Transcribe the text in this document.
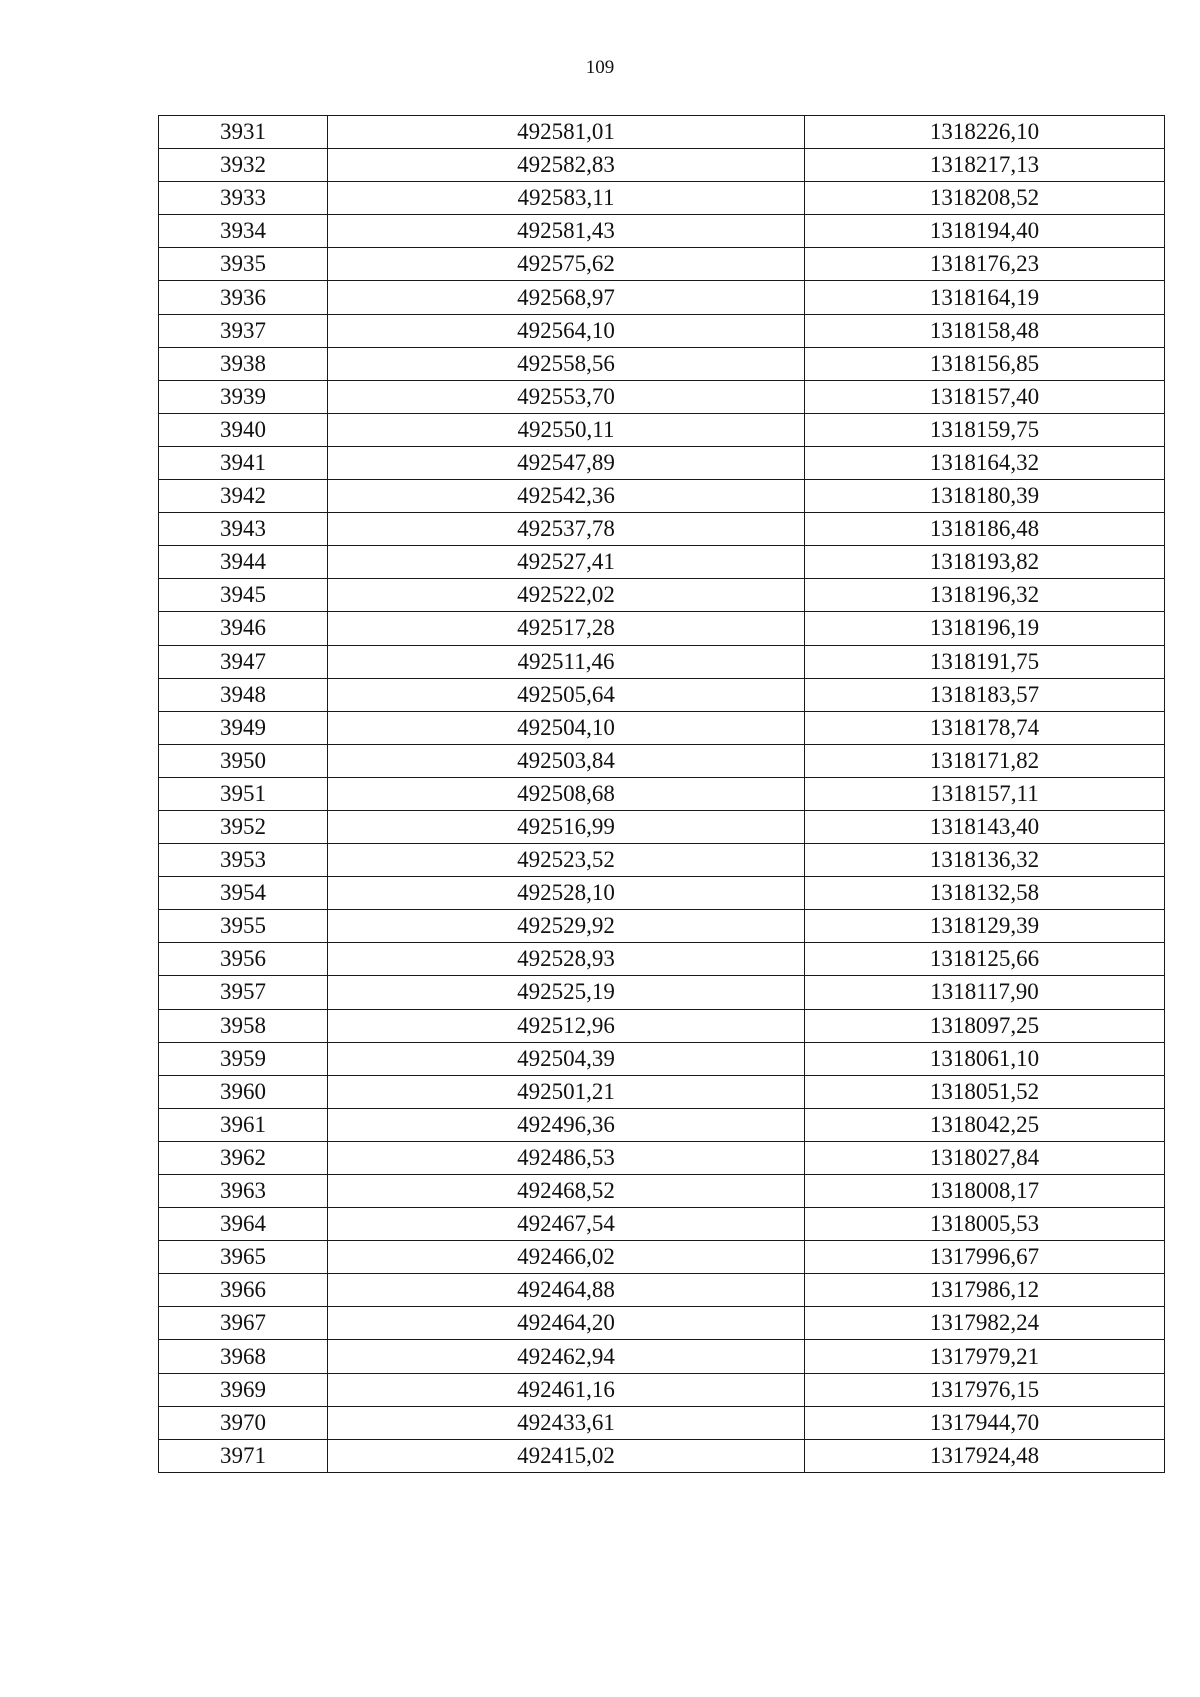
109
3931	492581,01	1318226,10
3932	492582,83	1318217,13
3933	492583,11	1318208,52
3934	492581,43	1318194,40
3935	492575,62	1318176,23
3936	492568,97	1318164,19
3937	492564,10	1318158,48
3938	492558,56	1318156,85
3939	492553,70	1318157,40
3940	492550,11	1318159,75
3941	492547,89	1318164,32
3942	492542,36	1318180,39
3943	492537,78	1318186,48
3944	492527,41	1318193,82
3945	492522,02	1318196,32
3946	492517,28	1318196,19
3947	492511,46	1318191,75
3948	492505,64	1318183,57
3949	492504,10	1318178,74
3950	492503,84	1318171,82
3951	492508,68	1318157,11
3952	492516,99	1318143,40
3953	492523,52	1318136,32
3954	492528,10	1318132,58
3955	492529,92	1318129,39
3956	492528,93	1318125,66
3957	492525,19	1318117,90
3958	492512,96	1318097,25
3959	492504,39	1318061,10
3960	492501,21	1318051,52
3961	492496,36	1318042,25
3962	492486,53	1318027,84
3963	492468,52	1318008,17
3964	492467,54	1318005,53
3965	492466,02	1317996,67
3966	492464,88	1317986,12
3967	492464,20	1317982,24
3968	492462,94	1317979,21
3969	492461,16	1317976,15
3970	492433,61	1317944,70
3971	492415,02	1317924,48
